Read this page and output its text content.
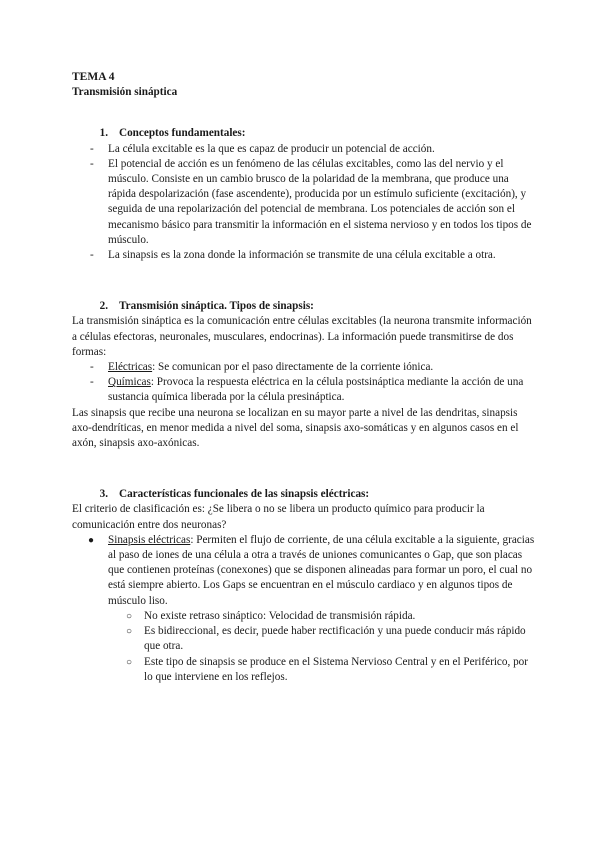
TEMA 4

Transmisión sináptica

1. Conceptos fundamentales:
- La célula excitable es la que es capaz de producir un potencial de acción.
- El potencial de acción es un fenómeno de las células excitables, como las del nervio y el músculo. Consiste en un cambio brusco de la polaridad de la membrana, que produce una rápida despolarización (fase ascendente), producida por un estímulo suficiente (excitación), y seguida de una repolarización del potencial de membrana. Los potenciales de acción son el mecanismo básico para transmitir la información en el sistema nervioso y en todos los tipos de músculo.
- La sinapsis es la zona donde la información se transmite de una célula excitable a otra.
2. Transmisión sináptica. Tipos de sinapsis:

La transmisión sináptica es la comunicación entre células excitables (la neurona transmite información a células efectoras, neuronales, musculares, endocrinas). La información puede transmitirse de dos formas:

- Eléctricas: Se comunican por el paso directamente de la corriente iónica.
- Químicas: Provoca la respuesta eléctrica en la célula postsináptica mediante la acción de una sustancia química liberada por la célula presináptica.

Las sinapsis que recibe una neurona se localizan en su mayor parte a nivel de las dendritas, sinapsis axo-dendríticas, en menor medida a nivel del soma, sinapsis axo-somáticas y en algunos casos en el axón, sinapsis axo-axónicas.

3. Características funcionales de las sinapsis eléctricas:

El criterio de clasificación es: ¿Se libera o no se libera un producto químico para producir la comunicación entre dos neuronas?

● Sinapsis eléctricas: Permiten el flujo de corriente, de una célula excitable a la siguiente, gracias al paso de iones de una célula a otra a través de uniones comunicantes o Gap, que son placas que contienen proteínas (conexones) que se disponen alineadas para formar un poro, el cual no está siempre abierto. Los Gaps se encuentran en el músculo cardiaco y en algunos tipos de músculo liso.
○ No existe retraso sináptico: Velocidad de transmisión rápida.
○ Es bidireccional, es decir, puede haber rectificación y una puede conducir más rápido que otra.
○ Este tipo de sinapsis se produce en el Sistema Nervioso Central y en el Periférico, por lo que interviene en los reflejos.
